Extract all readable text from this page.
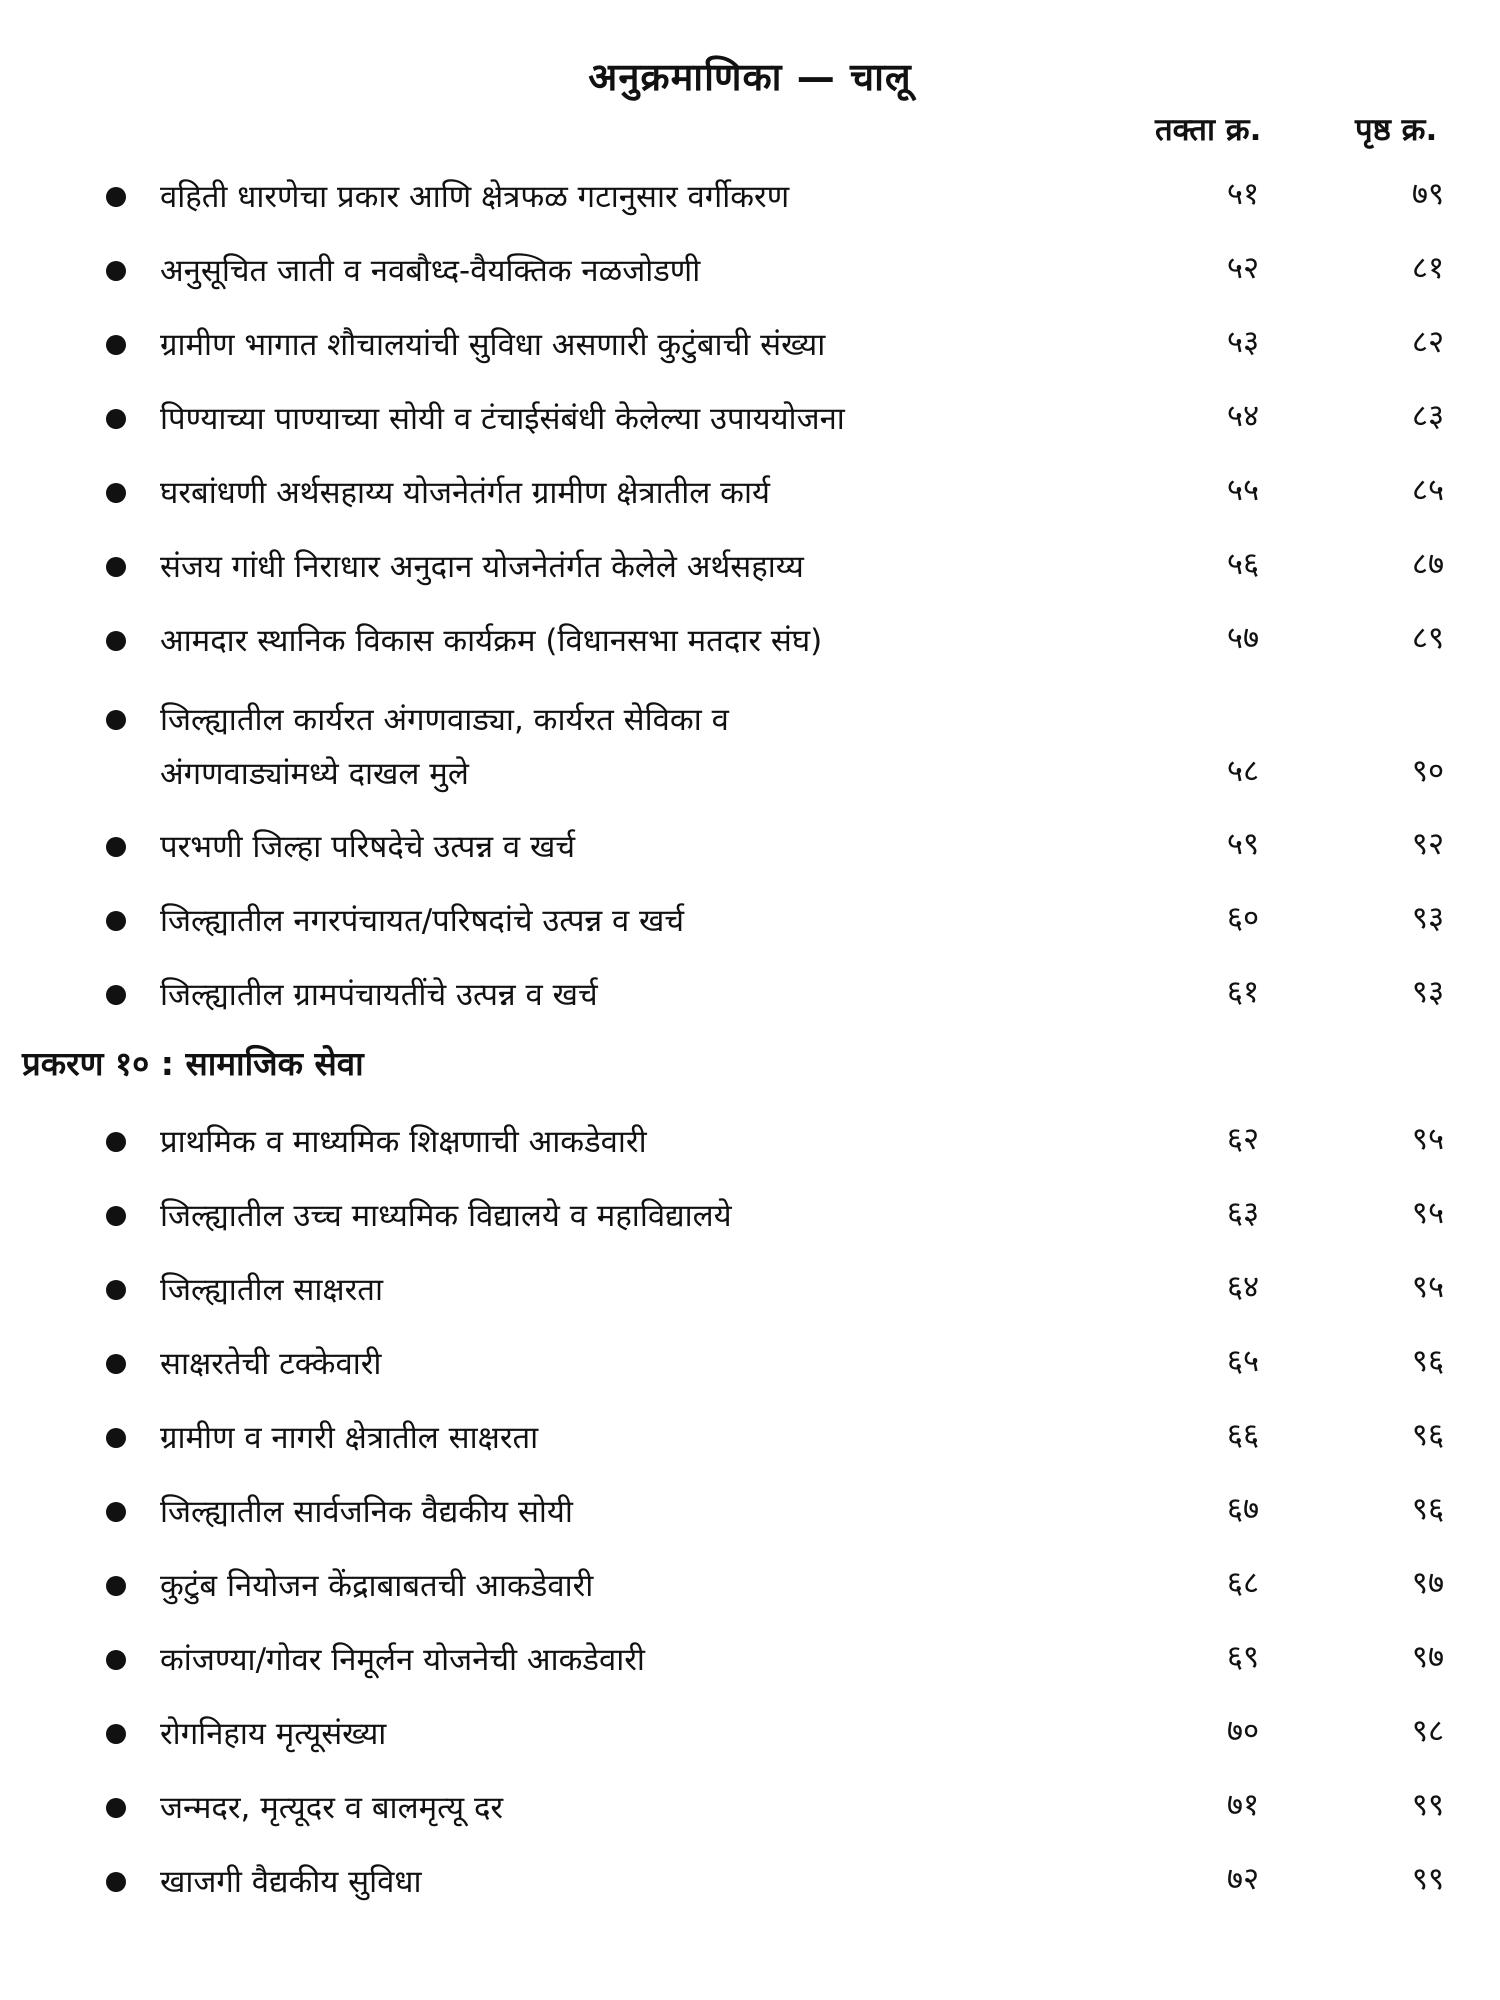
अनुक्रमाणिका — चालू
तक्ता क्र.	पृष्ठ क्र.
वहिती धारणेचा प्रकार आणि क्षेत्रफळ गटानुसार वर्गीकरण	५१	७९
अनुसूचित जाती व नवबौध्द-वैयक्तिक नळजोडणी	५२	८१
ग्रामीण भागात शौचालयांची सुविधा असणारी कुटुंबाची संख्या	५३	८२
पिण्याच्या पाण्याच्या सोयी व टंचाईसंबंधी केलेल्या उपाययोजना	५४	८३
घरबांधणी अर्थसहाय्य योजनेतंर्गत ग्रामीण क्षेत्रातील कार्य	५५	८५
संजय गांधी निराधार अनुदान योजनेतंर्गत केलेले अर्थसहाय्य	५६	८७
आमदार स्थानिक विकास कार्यक्रम (विधानसभा मतदार संघ)	५७	८९
जिल्ह्यातील कार्यरत अंगणवाड्या, कार्यरत सेविका व
अंगणवाड्यांमध्ये दाखल मुले	५८	९०
परभणी जिल्हा परिषदेचे उत्पन्न व खर्च	५९	९२
जिल्ह्यातील नगरपंचायत/परिषदांचे उत्पन्न व खर्च	६०	९३
जिल्ह्यातील ग्रामपंचायतींचे उत्पन्न व खर्च	६१	९३
प्रकरण १० : सामाजिक सेवा
प्राथमिक व माध्यमिक शिक्षणाची आकडेवारी	६२	९५
जिल्ह्यातील उच्च माध्यमिक विद्यालये व महाविद्यालये	६३	९५
जिल्ह्यातील साक्षरता	६४	९५
साक्षरतेची टक्केवारी	६५	९६
ग्रामीण व नागरी क्षेत्रातील साक्षरता	६६	९६
जिल्ह्यातील सार्वजनिक वैद्यकीय सोयी	६७	९६
कुटुंब नियोजन केंद्राबाबतची आकडेवारी	६८	९७
कांजण्या/गोवर निमूर्लन योजनेची आकडेवारी	६९	९७
रोगनिहाय मृत्यूसंख्या	७०	९८
जन्मदर, मृत्यूदर व बालमृत्यू दर	७१	९९
खाजगी वैद्यकीय सुविधा	७२	९९
